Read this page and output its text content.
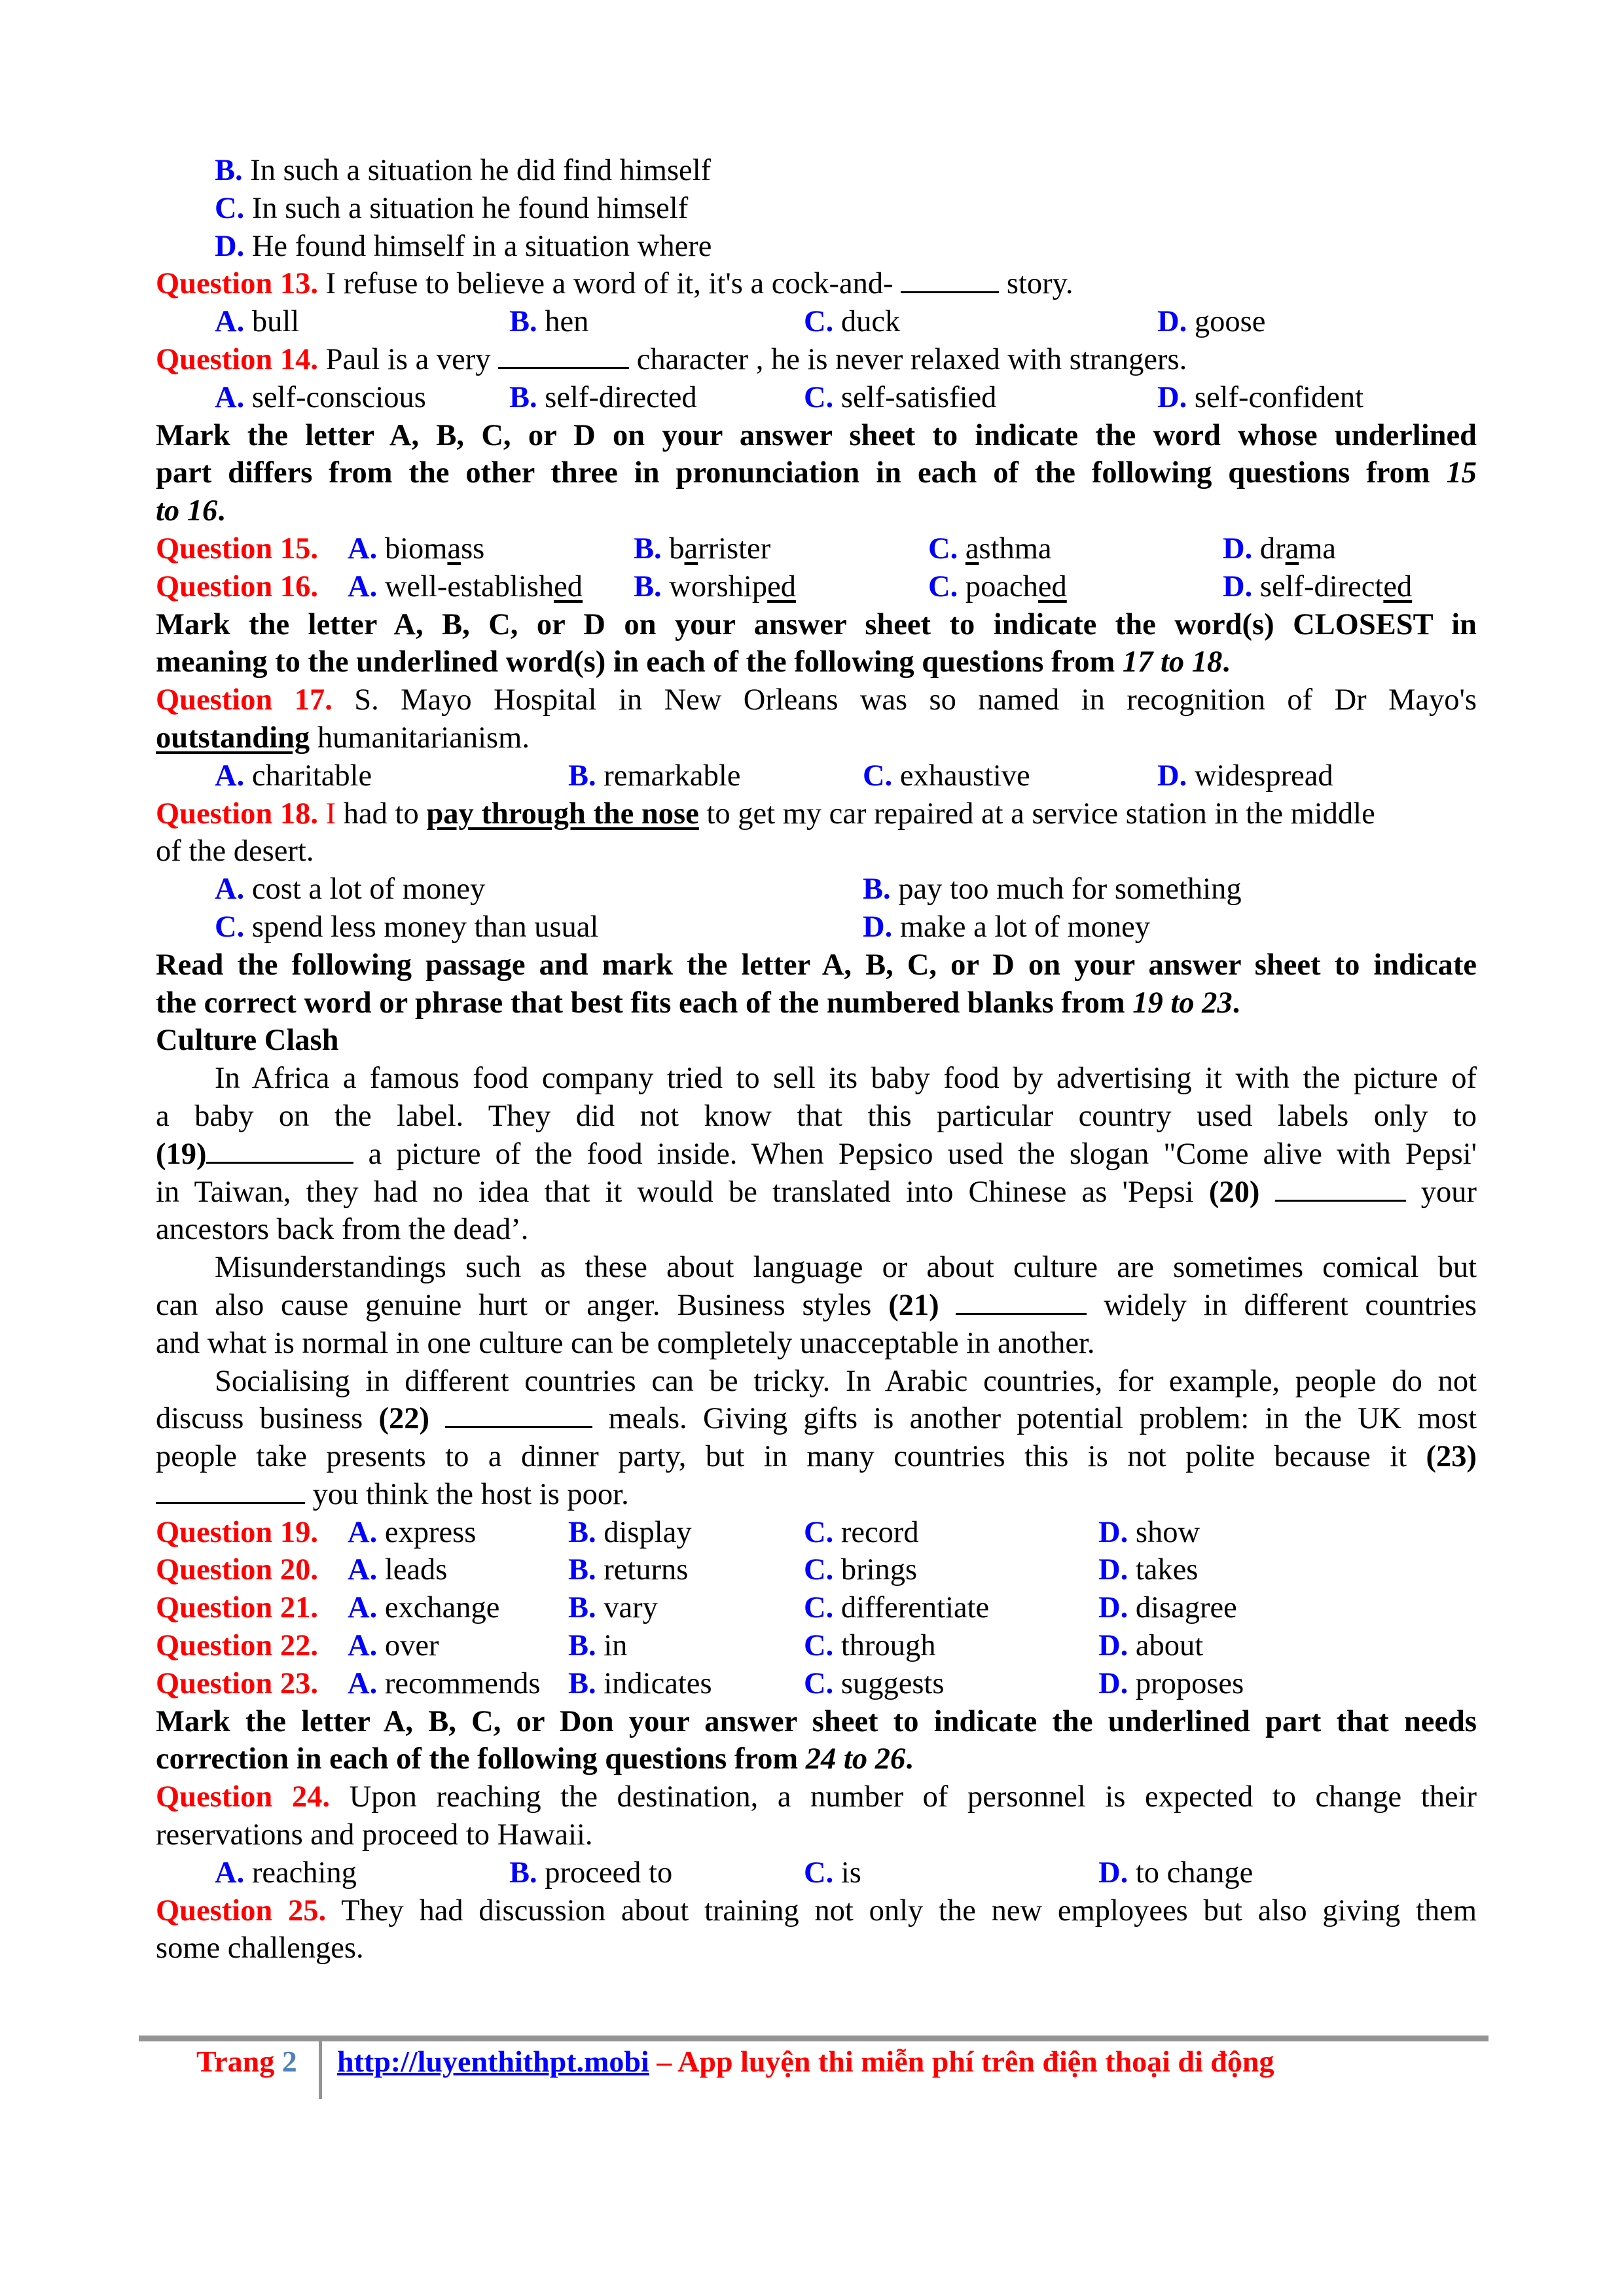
B. In such a situation he did find himself
C. In such a situation he found himself
D. He found himself in a situation where
Question 13. I refuse to believe a word of it, it's a cock-and-	story.
A. bull	B. hen	C. duck	D. goose
Question 14. Paul is a very	character , he is never relaxed with strangers.
A. self-conscious	B. self-directed	C. self-satisfied	D. self-confident
Mark the letter A, B, C, or D on your answer sheet to indicate the word whose underlined
part differs from the other three in pronunciation in each of the following questions from 15
to 16.
Question 15. A. biomass	B. barrister	C. asthma	D. drama
Question 16. A. well-established B. worshiped	C. poached	D. self-directed
Mark the letter A, B, C, or D on your answer sheet to indicate the word(s) CLOSEST in
meaning to the underlined word(s) in each of the following questions from 17 to 18.
Question 17. S. Mayo Hospital in New Orleans was so named in recognition of Dr Mayo's
outstanding humanitarianism.
A. charitable	B. remarkable	C. exhaustive	D. widespread
Question 18. I had to pay through the nose to get my car repaired at a service station in the middle
of the desert.
A. cost a lot of money	B. pay too much for something
C. spend less money than usual	D. make a lot of money
Read the following passage and mark the letter A, B, C, or D on your answer sheet to indicate
the correct word or phrase that best fits each of the numbered blanks from 19 to 23.
Culture Clash
In Africa a famous food company tried to sell its baby food by advertising it with the picture of
a baby on the label. They did not know that this particular country used labels only to
(19)	a picture of the food inside. When Pepsico used the slogan "Come alive with Pepsi'
in Taiwan, they had no idea that it would be translated into Chinese as 'Pepsi (20)	your
ancestors back from the dead’.
Misunderstandings such as these about language or about culture are sometimes comical but
can also cause genuine hurt or anger. Business styles (21)	widely in different countries
and what is normal in one culture can be completely unacceptable in another.
Socialising in different countries can be tricky. In Arabic countries, for example, people do not
discuss business (22)	meals. Giving gifts is another potential problem: in the UK most
people take presents to a dinner party, but in many countries this is not polite because it (23)
you think the host is poor.
Question 19. A. express	B. display	C. record	D. show
Question 20. A. leads	B. returns	C. brings	D. takes
Question 21. A. exchange B. vary	C. differentiate	D. disagree
Question 22. A. over	B. in	C. through	D. about
Question 23. A. recommends B. indicates	C. suggests	D. proposes
Mark the letter A, B, C, or Don your answer sheet to indicate the underlined part that needs
correction in each of the following questions from 24 to 26.
Question 24. Upon reaching the destination, a number of personnel is expected to change their
reservations and proceed to Hawaii.
A. reaching	B. proceed to	C. is	D. to change
Question 25. They had discussion about training not only the new employees but also giving them
some challenges.
Trang 2 http://luyenthithpt.mobi – App luyện thi miễn phí trên điện thoại di động
